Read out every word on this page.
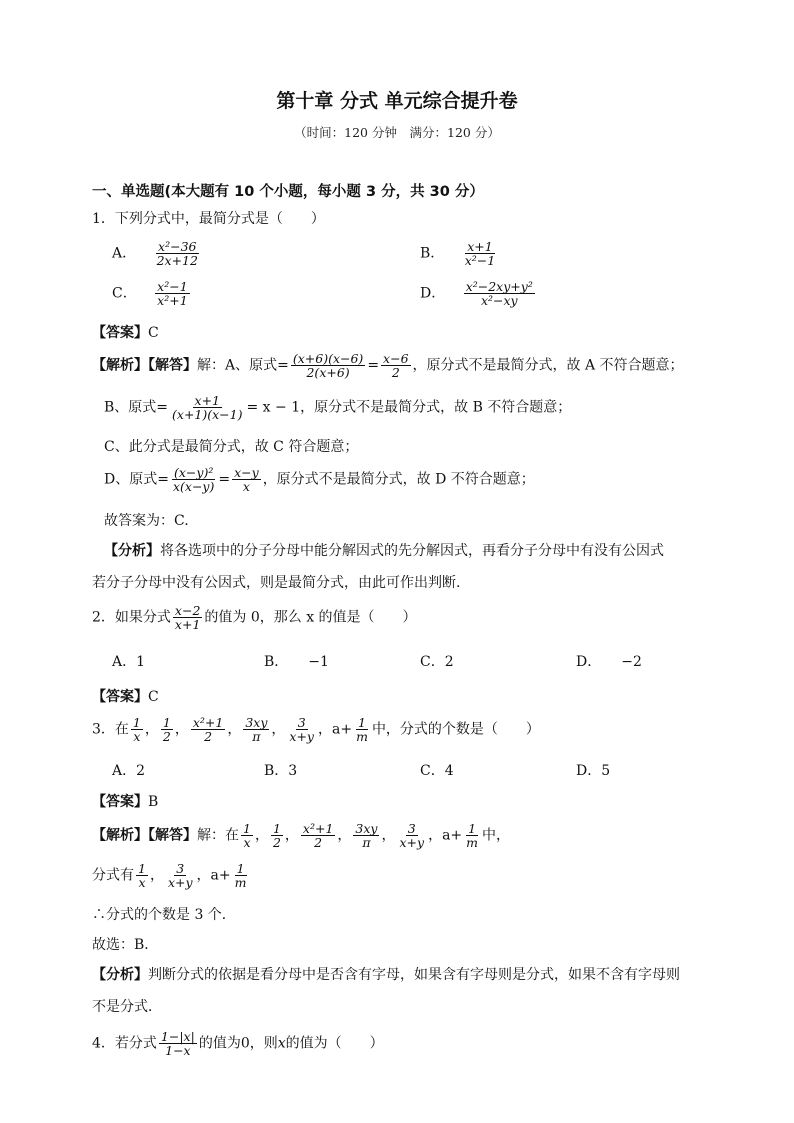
第十章 分式 单元综合提升卷
（时间：120 分钟　满分：120 分）
一、单选题(本大题有 10 个小题，每小题 3 分，共 30 分）
1．下列分式中，最简分式是（　　）
A． $\frac{\text{x²−36}}{2x+12}$	B． $\frac{x+1}{\text{x²−1}}$
C． $\frac{\text{x²−1}}{\text{x²+1}}$	D． $\frac{\text{x²−2xy+y²}}{\text{x²−xy}}$
【答案】C
【解析】【解答】解：A、原式= $\frac{(x+6)(x-6)}{2(x+6)} = \frac{x-6}{2}$ ，原分式不是最简分式，故 A 不符合题意；
B、原式= $\frac{x+1}{(x+1)(x-1)} = x - 1$，原分式不是最简分式，故 B 不符合题意；
C、此分式是最简分式，故 C 符合题意；
D、原式= $\frac{\text{(x−y)²}}{x(x-y)} = \frac{x-y}{x}$ ，原分式不是最简分式，故 D 不符合题意；
故答案为：C.
【分析】将各选项中的分子分母中能分解因式的先分解因式，再看分子分母中有没有公因式
若分子分母中没有公因式，则是最简分式，由此可作出判断.
2．如果分式 $\frac{x-2}{x+1}$ 的值为 0，那么 x 的值是（　　）
A．1	B． −1	C．2	D． −2
【答案】C
3．在 $\frac{1}{x}$ ， $\frac{1}{2}$ ， $\frac{\text{x²+1}}{2}$ ， $\frac{3xy}{\pi}$ ， $\frac{3}{x+y}$ ，$a+ \frac{1}{m}$ 中，分式的个数是（　　）
A．2	B．3	C．4	D．5
【答案】B
【解析】【解答】解：在 $\frac{1}{x}$ ， $\frac{1}{2}$ ， $\frac{\text{x²+1}}{2}$ ， $\frac{3xy}{\pi}$ ， $\frac{3}{x+y}$ ，$a+ \frac{1}{m}$ 中，
分式有 $\frac{1}{x}$ ， $\frac{3}{x+y}$ ，$a+ \frac{1}{m}$
∴分式的个数是 3 个．
故选：B．
【分析】判断分式的依据是看分母中是否含有字母，如果含有字母则是分式，如果不含有字母则
不是分式．
4．若分式 $\frac{1-|x|}{1-x}$ 的值为0，则x的值为（　　）
